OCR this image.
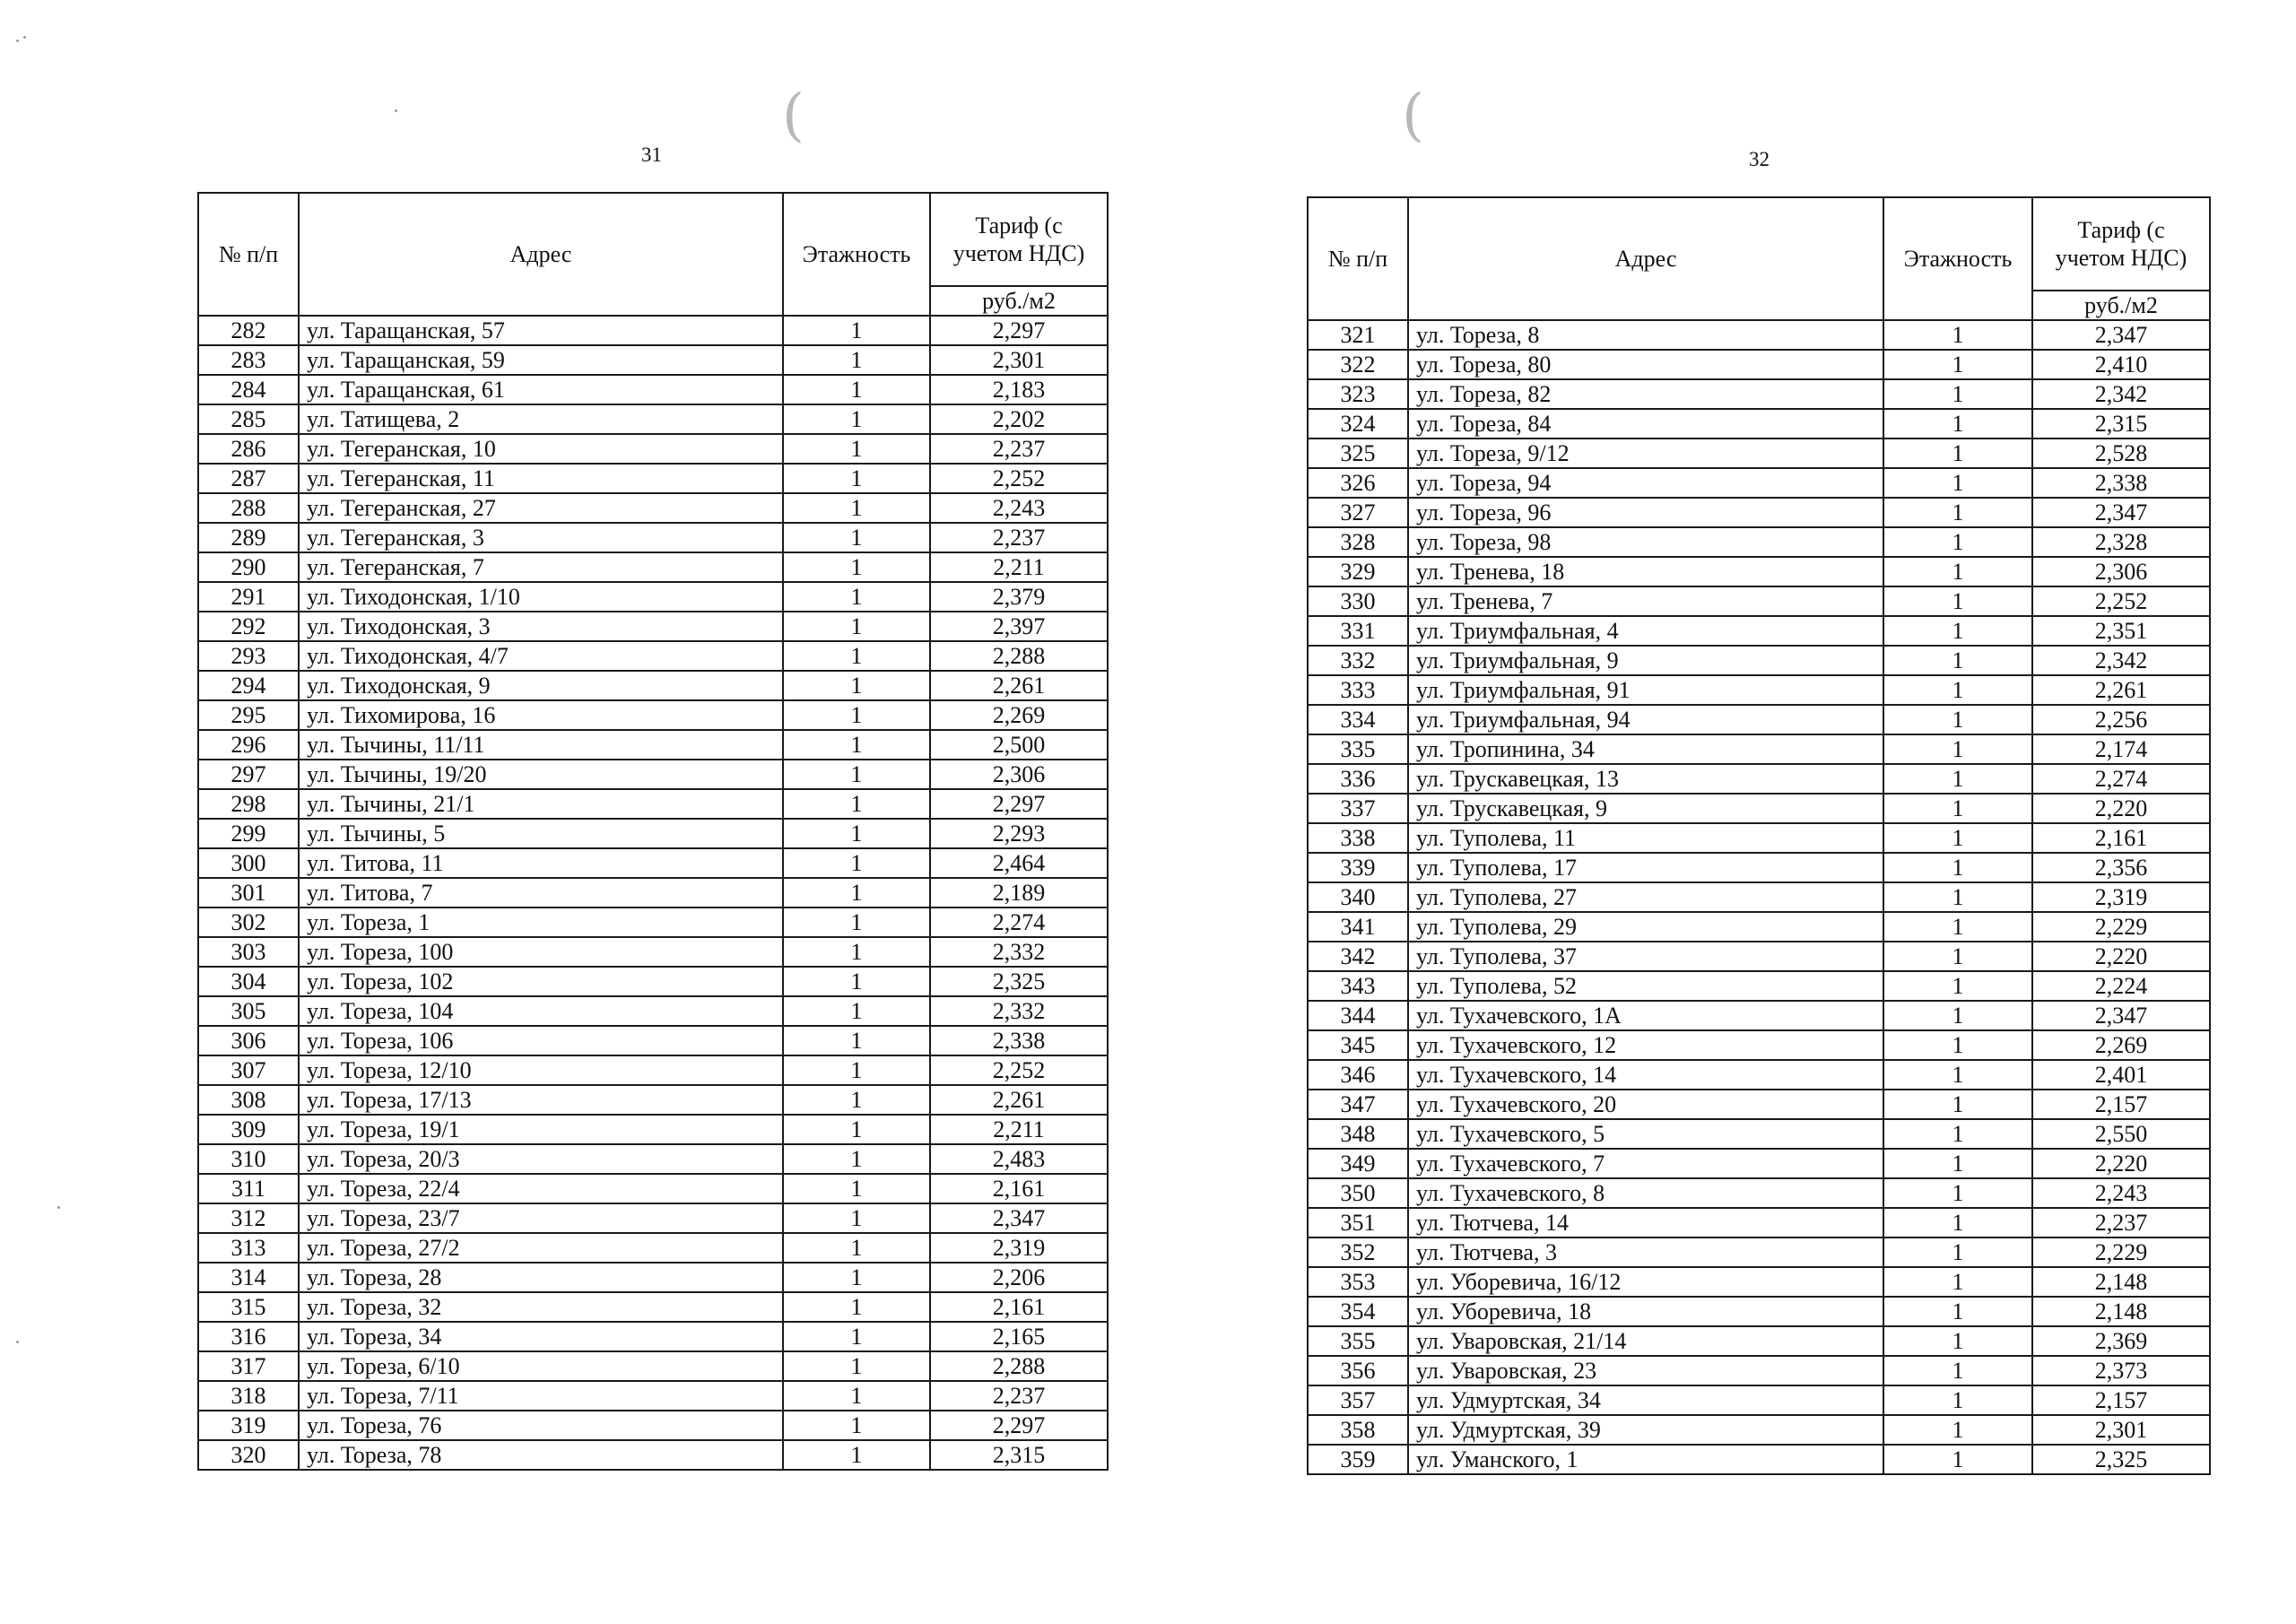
(	(
31
№ п/п	Адрес	Этажность	Тариф (с учетом НДС)
			руб./м2
282	ул. Таращанская, 57	1	2,297
283	ул. Таращанская, 59	1	2,301
284	ул. Таращанская, 61	1	2,183
285	ул. Татищева, 2	1	2,202
286	ул. Тегеранская, 10	1	2,237
287	ул. Тегеранская, 11	1	2,252
288	ул. Тегеранская, 27	1	2,243
289	ул. Тегеранская, 3	1	2,237
290	ул. Тегеранская, 7	1	2,211
291	ул. Тиходонская, 1/10	1	2,379
292	ул. Тиходонская, 3	1	2,397
293	ул. Тиходонская, 4/7	1	2,288
294	ул. Тиходонская, 9	1	2,261
295	ул. Тихомирова, 16	1	2,269
296	ул. Тычины, 11/11	1	2,500
297	ул. Тычины, 19/20	1	2,306
298	ул. Тычины, 21/1	1	2,297
299	ул. Тычины, 5	1	2,293
300	ул. Титова, 11	1	2,464
301	ул. Титова, 7	1	2,189
302	ул. Тореза, 1	1	2,274
303	ул. Тореза, 100	1	2,332
304	ул. Тореза, 102	1	2,325
305	ул. Тореза, 104	1	2,332
306	ул. Тореза, 106	1	2,338
307	ул. Тореза, 12/10	1	2,252
308	ул. Тореза, 17/13	1	2,261
309	ул. Тореза, 19/1	1	2,211
310	ул. Тореза, 20/3	1	2,483
311	ул. Тореза, 22/4	1	2,161
312	ул. Тореза, 23/7	1	2,347
313	ул. Тореза, 27/2	1	2,319
314	ул. Тореза, 28	1	2,206
315	ул. Тореза, 32	1	2,161
316	ул. Тореза, 34	1	2,165
317	ул. Тореза, 6/10	1	2,288
318	ул. Тореза, 7/11	1	2,237
319	ул. Тореза, 76	1	2,297
320	ул. Тореза, 78	1	2,315
32
№ п/п	Адрес	Этажность	Тариф (с учетом НДС)
			руб./м2
321	ул. Тореза, 8	1	2,347
322	ул. Тореза, 80	1	2,410
323	ул. Тореза, 82	1	2,342
324	ул. Тореза, 84	1	2,315
325	ул. Тореза, 9/12	1	2,528
326	ул. Тореза, 94	1	2,338
327	ул. Тореза, 96	1	2,347
328	ул. Тореза, 98	1	2,328
329	ул. Тренева, 18	1	2,306
330	ул. Тренева, 7	1	2,252
331	ул. Триумфальная, 4	1	2,351
332	ул. Триумфальная, 9	1	2,342
333	ул. Триумфальная, 91	1	2,261
334	ул. Триумфальная, 94	1	2,256
335	ул. Тропинина, 34	1	2,174
336	ул. Трускавецкая, 13	1	2,274
337	ул. Трускавецкая, 9	1	2,220
338	ул. Туполева, 11	1	2,161
339	ул. Туполева, 17	1	2,356
340	ул. Туполева, 27	1	2,319
341	ул. Туполева, 29	1	2,229
342	ул. Туполева, 37	1	2,220
343	ул. Туполева, 52	1	2,224
344	ул. Тухачевского, 1А	1	2,347
345	ул. Тухачевского, 12	1	2,269
346	ул. Тухачевского, 14	1	2,401
347	ул. Тухачевского, 20	1	2,157
348	ул. Тухачевского, 5	1	2,550
349	ул. Тухачевского, 7	1	2,220
350	ул. Тухачевского, 8	1	2,243
351	ул. Тютчева, 14	1	2,237
352	ул. Тютчева, 3	1	2,229
353	ул. Уборевича, 16/12	1	2,148
354	ул. Уборевича, 18	1	2,148
355	ул. Уваровская, 21/14	1	2,369
356	ул. Уваровская, 23	1	2,373
357	ул. Удмуртская, 34	1	2,157
358	ул. Удмуртская, 39	1	2,301
359	ул. Уманского, 1	1	2,325
